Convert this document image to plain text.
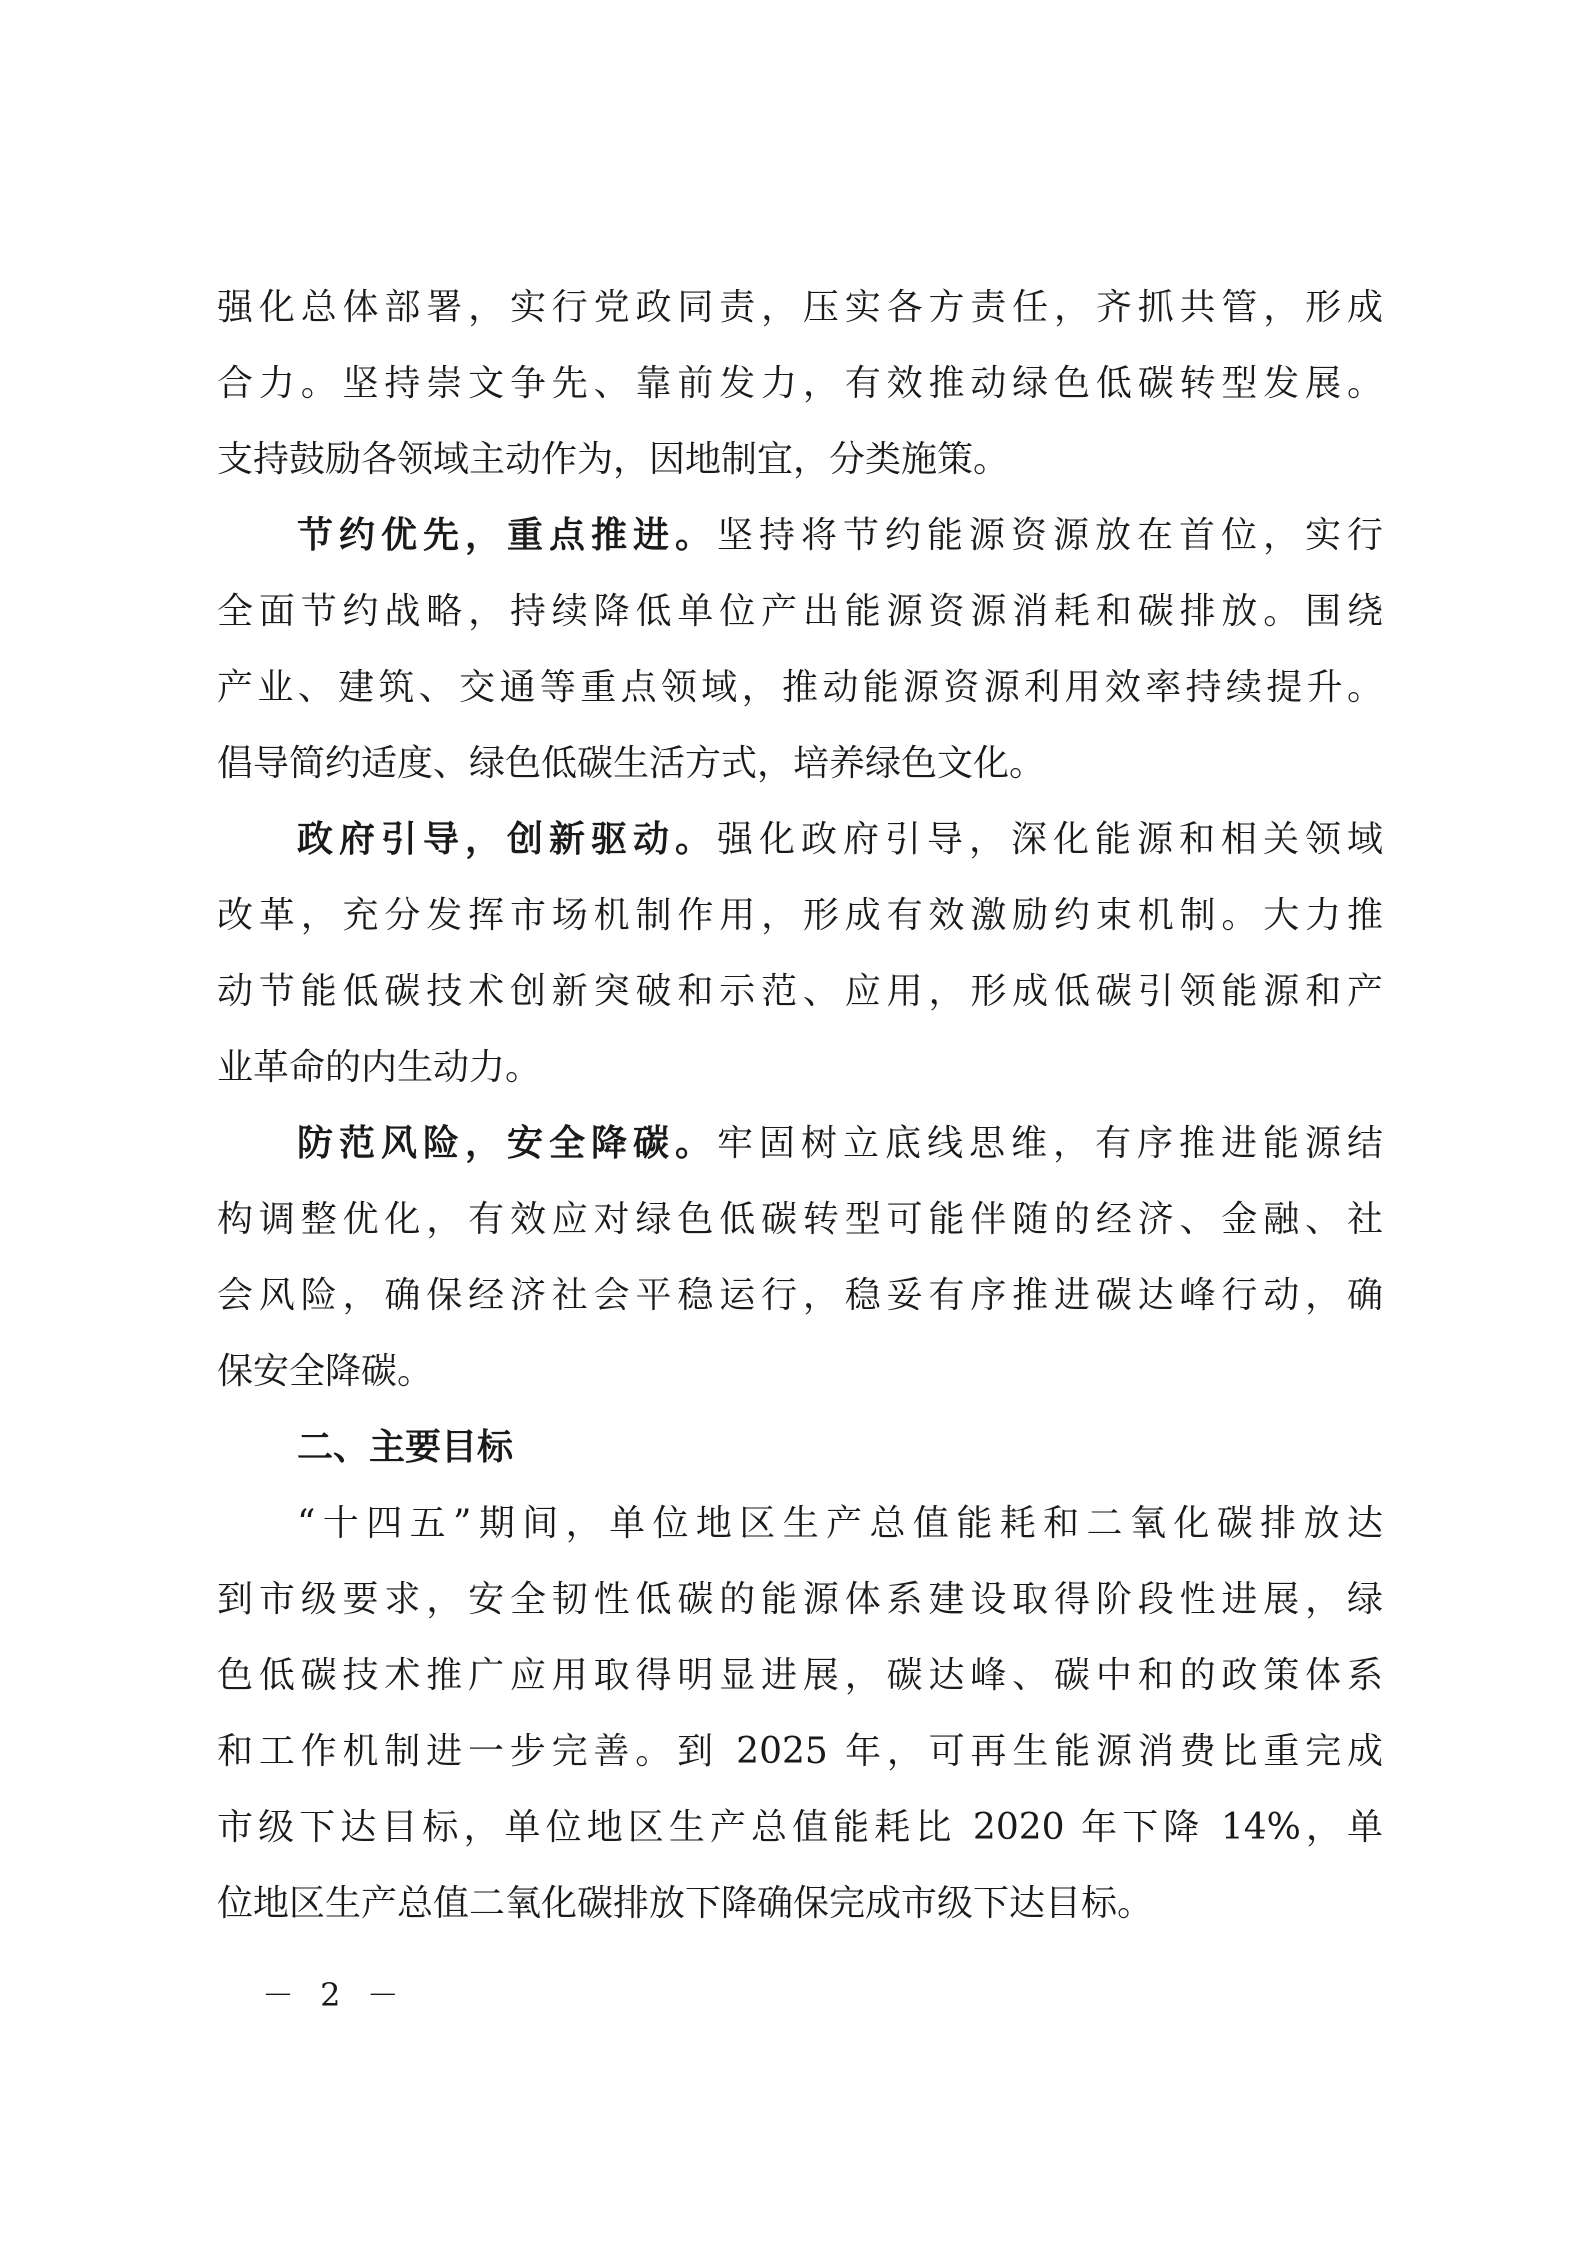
强化总体部署，实行党政同责，压实各方责任，齐抓共管，形成
合力。坚持崇文争先、靠前发力，有效推动绿色低碳转型发展。
支持鼓励各领域主动作为，因地制宜，分类施策。
节约优先，重点推进。坚持将节约能源资源放在首位，实行
全面节约战略，持续降低单位产出能源资源消耗和碳排放。围绕
产业、建筑、交通等重点领域，推动能源资源利用效率持续提升。
倡导简约适度、绿色低碳生活方式，培养绿色文化。
政府引导，创新驱动。强化政府引导，深化能源和相关领域
改革，充分发挥市场机制作用，形成有效激励约束机制。大力推
动节能低碳技术创新突破和示范、应用，形成低碳引领能源和产
业革命的内生动力。
防范风险，安全降碳。牢固树立底线思维，有序推进能源结
构调整优化，有效应对绿色低碳转型可能伴随的经济、金融、社
会风险，确保经济社会平稳运行，稳妥有序推进碳达峰行动，确
保安全降碳。
二、主要目标
“十四五”期间，单位地区生产总值能耗和二氧化碳排放达
到市级要求，安全韧性低碳的能源体系建设取得阶段性进展，绿
色低碳技术推广应用取得明显进展，碳达峰、碳中和的政策体系
和工作机制进一步完善。到 2025 年，可再生能源消费比重完成
市级下达目标，单位地区生产总值能耗比 2020 年下降 14%，单
位地区生产总值二氧化碳排放下降确保完成市级下达目标。
－ 2 －
